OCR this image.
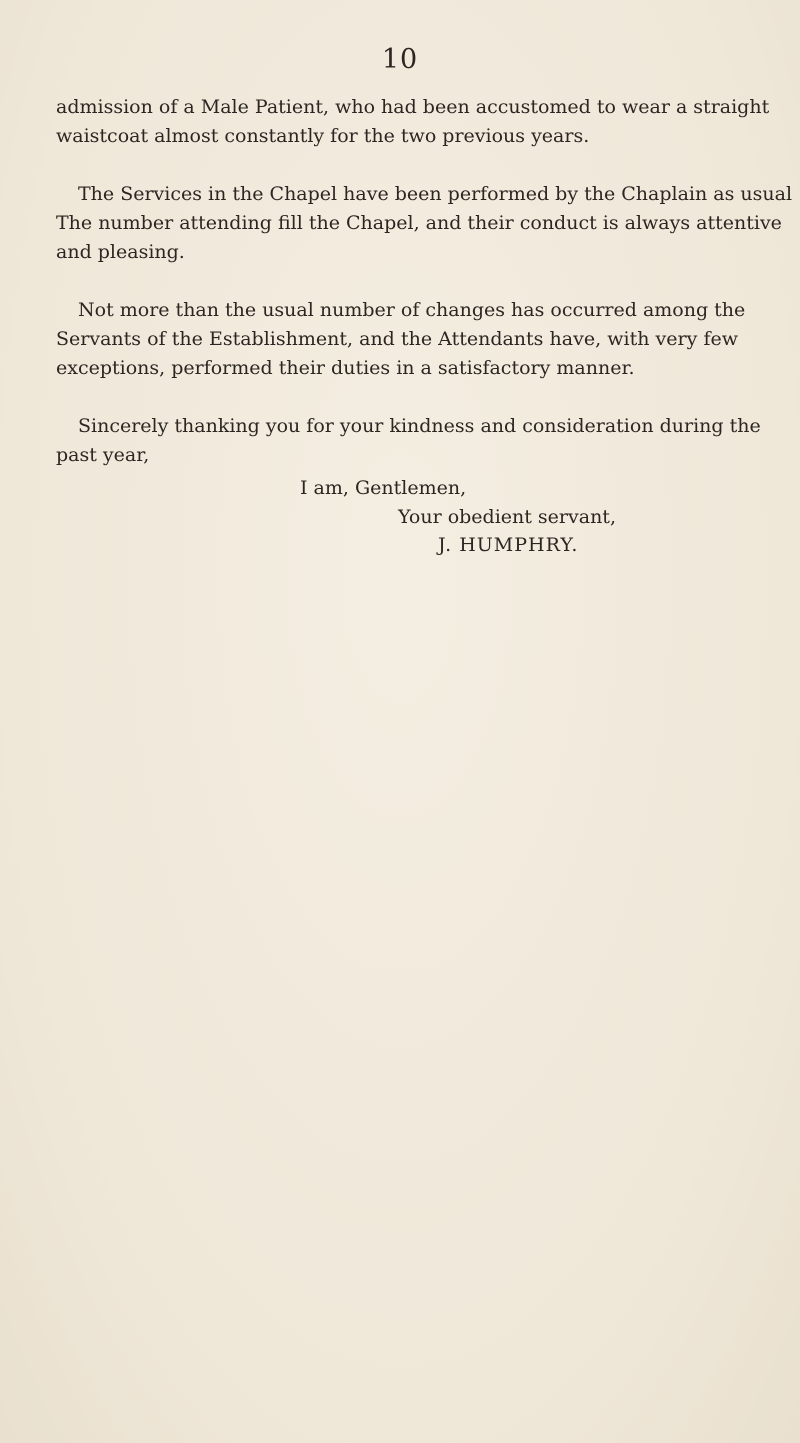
10
admission of a Male Patient, who had been accustomed to wear a straight
waistcoat almost constantly for the two previous years.
The Services in the Chapel have been performed by the Chaplain as usual
The number attending fill the Chapel, and their conduct is always attentive
and pleasing.
Not more than the usual number of changes has occurred among the
Servants of the Establishment, and the Attendants have, with very few
exceptions, performed their duties in a satisfactory manner.
Sincerely thanking you for your kindness and consideration during the
past year,
I am, Gentlemen,
Your obedient servant,
J. HUMPHRY.
